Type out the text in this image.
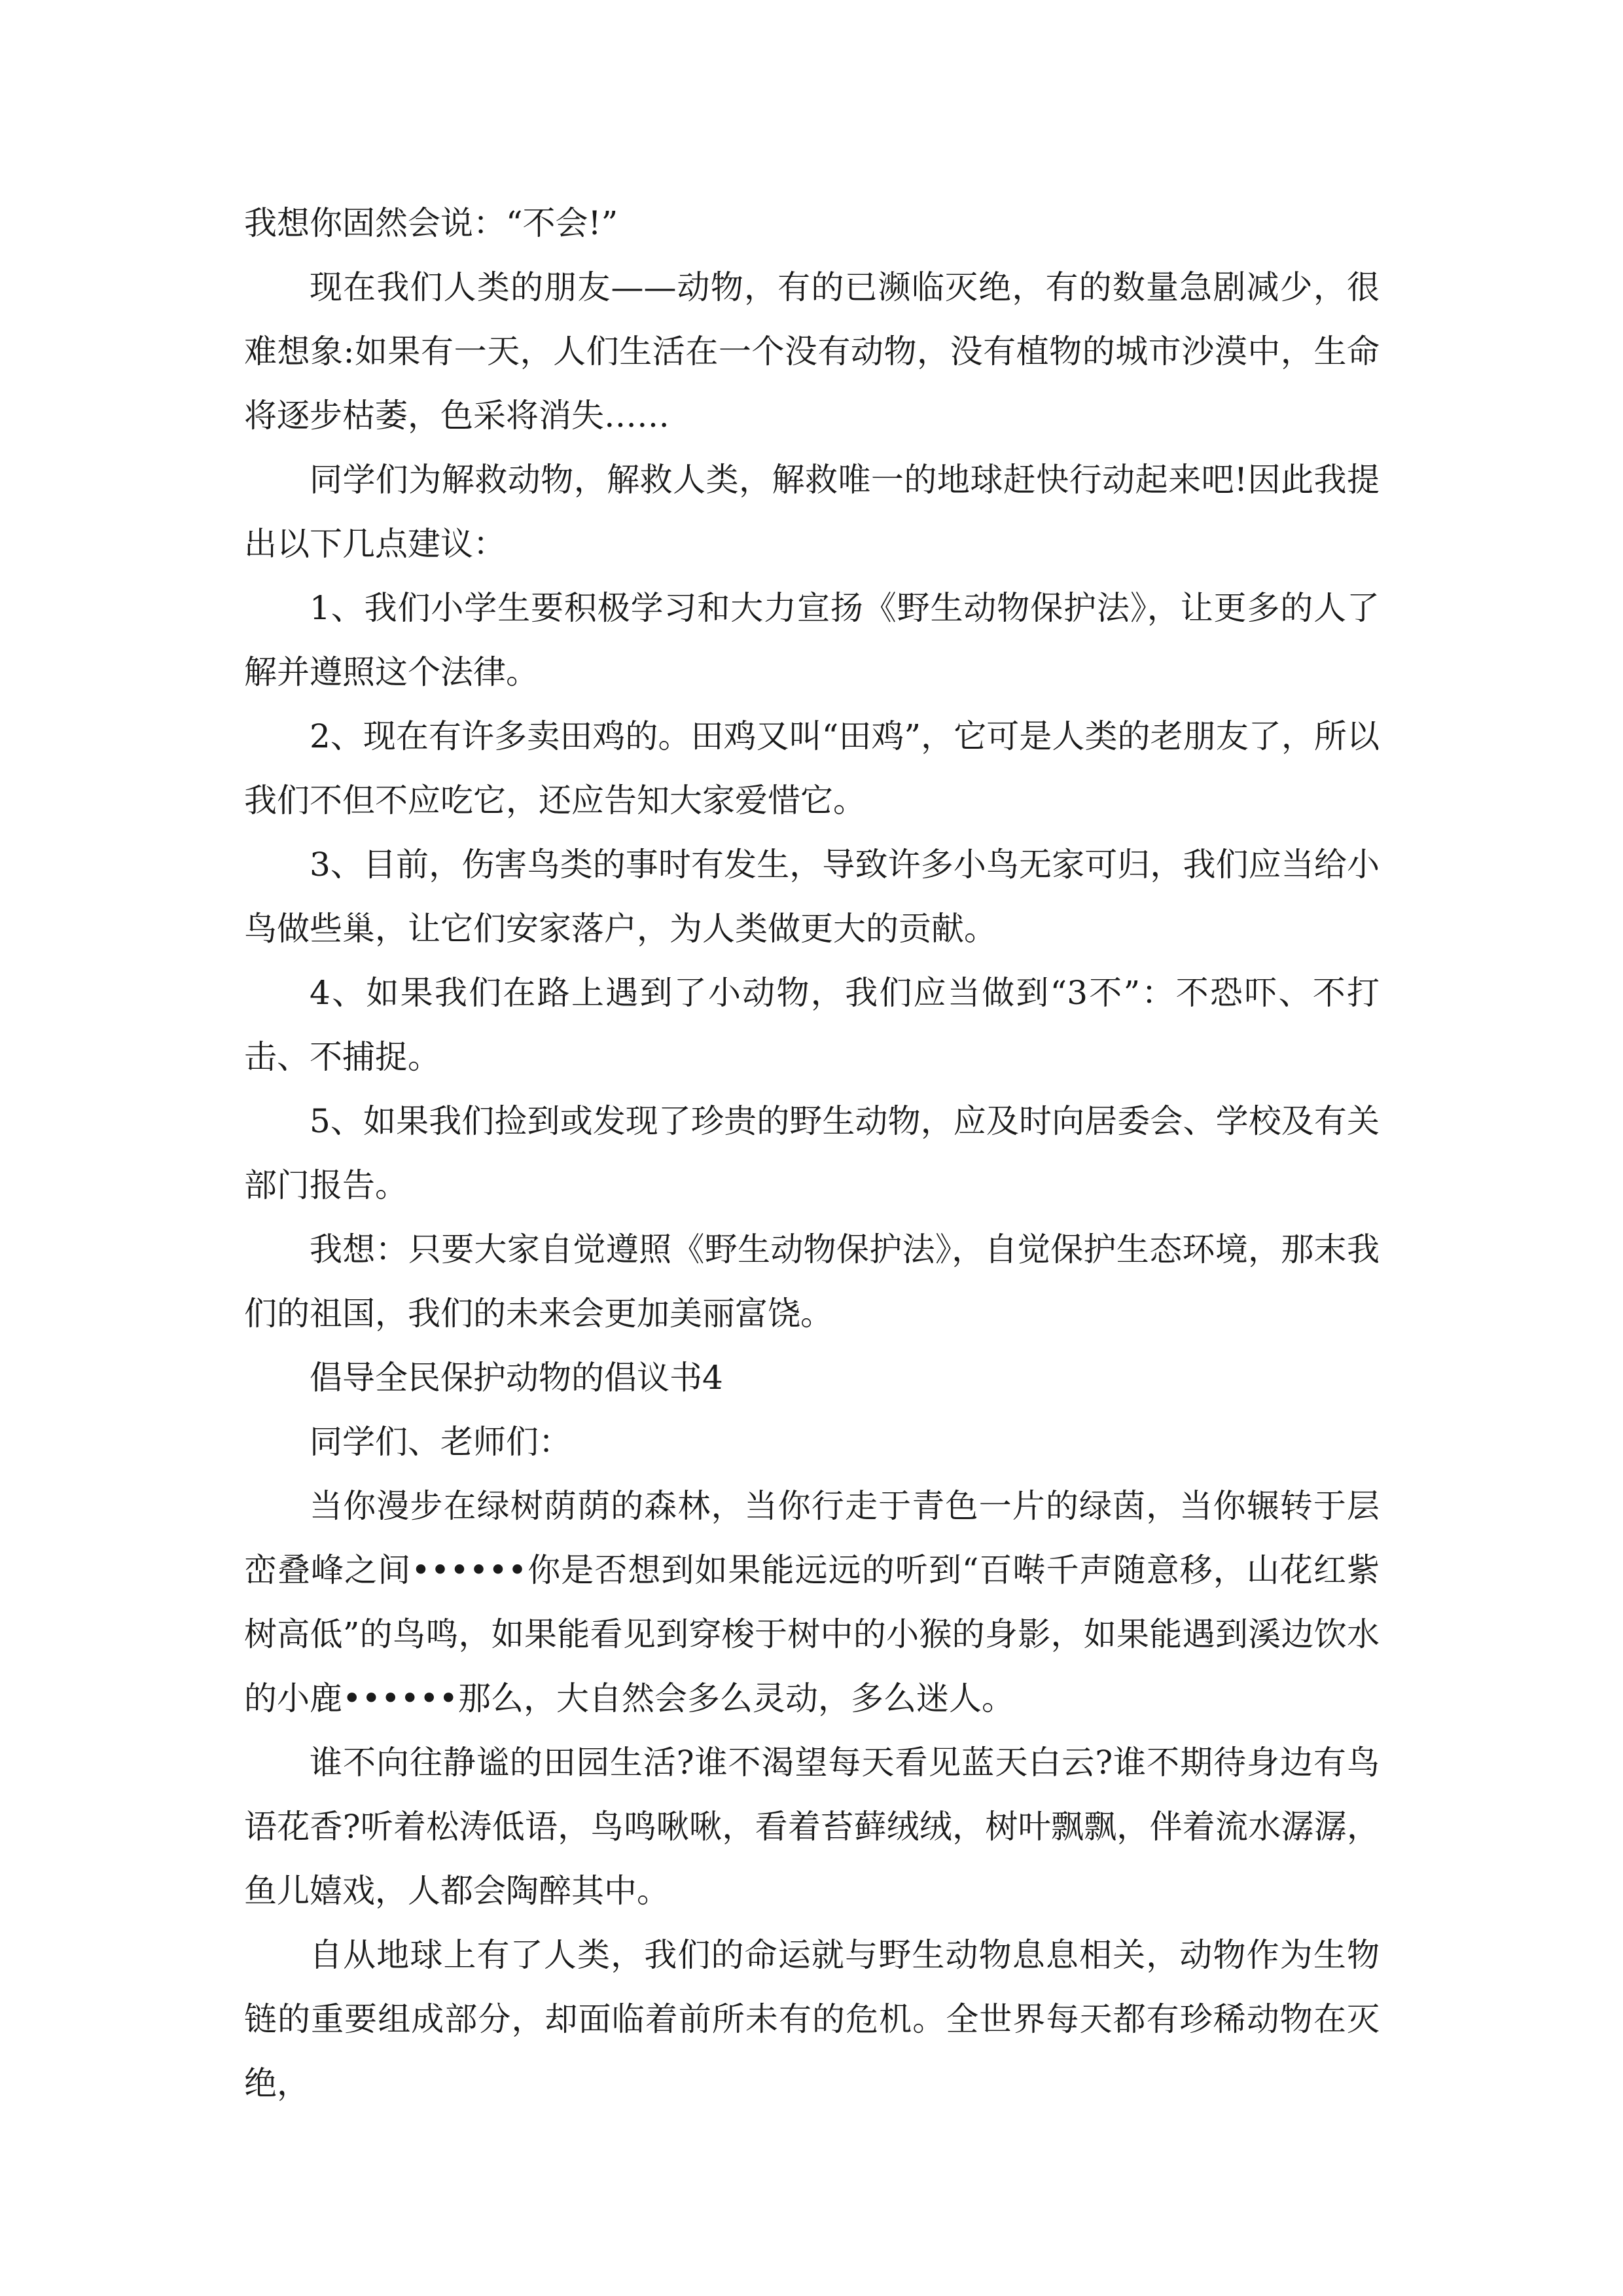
我想你固然会说：“不会!”

现在我们人类的朋友——动物，有的已濒临灭绝，有的数量急剧减少，很难想象:如果有一天，人们生活在一个没有动物，没有植物的城市沙漠中，生命将逐步枯萎，色采将消失……

同学们为解救动物，解救人类，解救唯一的地球赶快行动起来吧!因此我提出以下几点建议：

1、我们小学生要积极学习和大力宣扬《野生动物保护法》，让更多的人了解并遵照这个法律。

2、现在有许多卖田鸡的。田鸡又叫“田鸡”，它可是人类的老朋友了，所以我们不但不应吃它，还应告知大家爱惜它。

3、目前，伤害鸟类的事时有发生，导致许多小鸟无家可归，我们应当给小鸟做些巢，让它们安家落户，为人类做更大的贡献。

4、如果我们在路上遇到了小动物，我们应当做到“3不”：不恐吓、不打击、不捕捉。

5、如果我们捡到或发现了珍贵的野生动物，应及时向居委会、学校及有关部门报告。

我想：只要大家自觉遵照《野生动物保护法》，自觉保护生态环境，那末我们的祖国，我们的未来会更加美丽富饶。

倡导全民保护动物的倡议书4

同学们、老师们：

当你漫步在绿树荫荫的森林，当你行走于青色一片的绿茵，当你辗转于层峦叠峰之间••••••你是否想到如果能远远的听到“百啭千声随意移，山花红紫树高低”的鸟鸣，如果能看见到穿梭于树中的小猴的身影，如果能遇到溪边饮水的小鹿••••••那么，大自然会多么灵动，多么迷人。

谁不向往静谧的田园生活?谁不渴望每天看见蓝天白云?谁不期待身边有鸟语花香?听着松涛低语，鸟鸣啾啾，看着苔藓绒绒，树叶飘飘，伴着流水潺潺，鱼儿嬉戏，人都会陶醉其中。

自从地球上有了人类，我们的命运就与野生动物息息相关，动物作为生物链的重要组成部分，却面临着前所未有的危机。全世界每天都有珍稀动物在灭绝，
